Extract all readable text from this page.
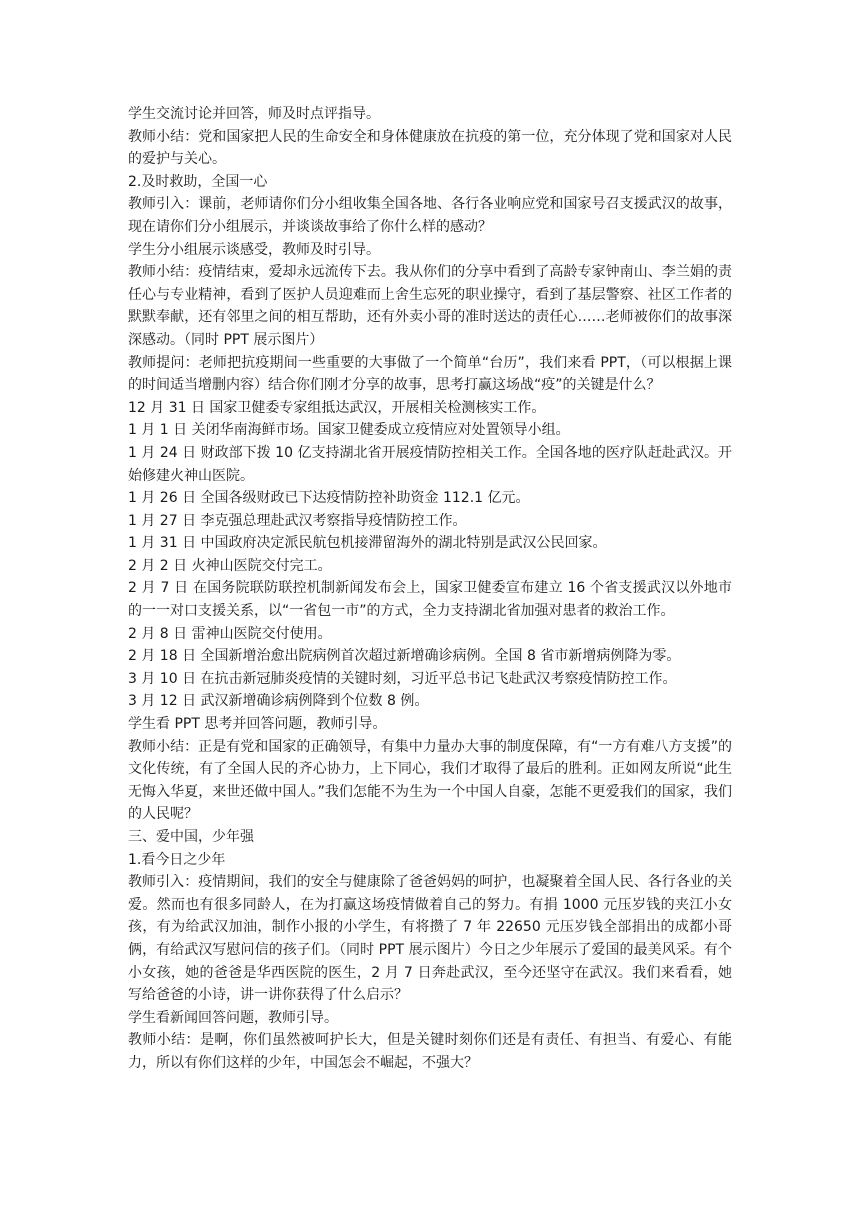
学生交流讨论并回答，师及时点评指导。

教师小结：党和国家把人民的生命安全和身体健康放在抗疫的第一位，充分体现了党和国家对人民的爱护与关心。

2.及时救助，全国一心

教师引入：课前，老师请你们分小组收集全国各地、各行各业响应党和国家号召支援武汉的故事，现在请你们分小组展示，并谈谈故事给了你什么样的感动？

学生分小组展示谈感受，教师及时引导。

教师小结：疫情结束，爱却永远流传下去。我从你们的分享中看到了高龄专家钟南山、李兰娟的责任心与专业精神，看到了医护人员迎难而上舍生忘死的职业操守，看到了基层警察、社区工作者的默默奉献，还有邻里之间的相互帮助，还有外卖小哥的准时送达的责任心……老师被你们的故事深深感动。（同时 PPT 展示图片）

教师提问：老师把抗疫期间一些重要的大事做了一个简单“台历”，我们来看 PPT，（可以根据上课的时间适当增删内容）结合你们刚才分享的故事，思考打赢这场战“疫”的关键是什么？

12 月 31 日 国家卫健委专家组抵达武汉，开展相关检测核实工作。

1 月 1 日 关闭华南海鲜市场。国家卫健委成立疫情应对处置领导小组。

1 月 24 日 财政部下拨 10 亿支持湖北省开展疫情防控相关工作。全国各地的医疗队赶赴武汉。开始修建火神山医院。

1 月 26 日 全国各级财政已下达疫情防控补助资金 112.1 亿元。

1 月 27 日 李克强总理赴武汉考察指导疫情防控工作。

1 月 31 日 中国政府决定派民航包机接滞留海外的湖北特别是武汉公民回家。

2 月 2 日 火神山医院交付完工。

2 月 7 日 在国务院联防联控机制新闻发布会上，国家卫健委宣布建立 16 个省支援武汉以外地市的一一对口支援关系，以“一省包一市”的方式，全力支持湖北省加强对患者的救治工作。

2 月 8 日 雷神山医院交付使用。

2 月 18 日 全国新增治愈出院病例首次超过新增确诊病例。全国 8 省市新增病例降为零。

3 月 10 日 在抗击新冠肺炎疫情的关键时刻，习近平总书记飞赴武汉考察疫情防控工作。

3 月 12 日 武汉新增确诊病例降到个位数 8 例。

学生看 PPT 思考并回答问题，教师引导。

教师小结：正是有党和国家的正确领导，有集中力量办大事的制度保障，有“一方有难八方支援”的文化传统，有了全国人民的齐心协力，上下同心，我们才取得了最后的胜利。正如网友所说“此生无悔入华夏，来世还做中国人。”我们怎能不为生为一个中国人自豪，怎能不更爱我们的国家，我们的人民呢？

三、爱中国，少年强

1.看今日之少年

教师引入：疫情期间，我们的安全与健康除了爸爸妈妈的呵护，也凝聚着全国人民、各行各业的关爱。然而也有很多同龄人，在为打赢这场疫情做着自己的努力。有捐 1000 元压岁钱的夹江小女孩，有为给武汉加油，制作小报的小学生，有将攒了 7 年 22650 元压岁钱全部捐出的成都小哥俩，有给武汉写慰问信的孩子们。（同时 PPT 展示图片）今日之少年展示了爱国的最美风采。有个小女孩，她的爸爸是华西医院的医生，2 月 7 日奔赴武汉，至今还坚守在武汉。我们来看看，她写给爸爸的小诗，讲一讲你获得了什么启示？

学生看新闻回答问题，教师引导。

教师小结：是啊，你们虽然被呵护长大，但是关键时刻你们还是有责任、有担当、有爱心、有能力，所以有你们这样的少年，中国怎会不崛起，不强大？
